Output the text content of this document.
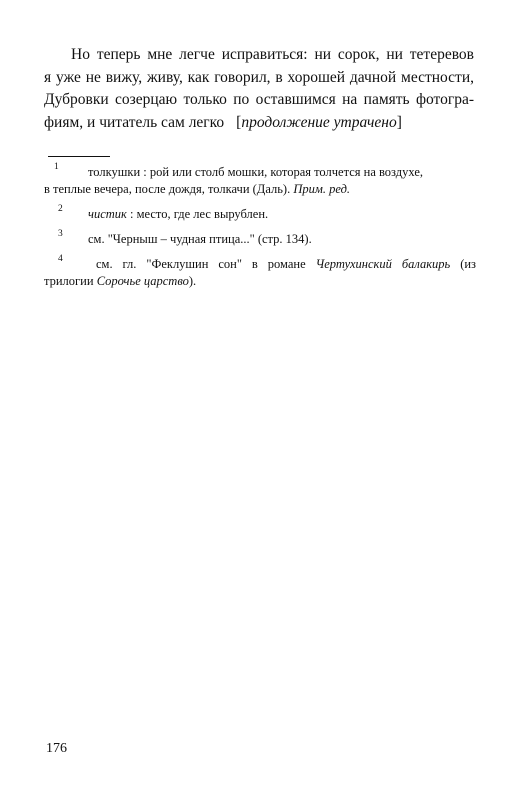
Но теперь мне легче исправиться: ни сорок, ни тетеревов
я уже не вижу, живу, как говорил, в хорошей дачной местности,
Дубровки созерцаю только по оставшимся на память фотогра-
фиям, и читатель сам легко [продолжение утрачено]
1	толкушки : рой или столб мошки, которая толчется на воздухе,
в теплые вечера, после дождя, толкачи (Даль). Прим. ред.
2	чистик : место, где лес вырублен.
3	см. "Черныш – чудная птица..." (стр. 134).
4	см. гл. "Феклушин сон" в романе Чертухинский балакирь (из
трилогии Сорочье царство).
176
